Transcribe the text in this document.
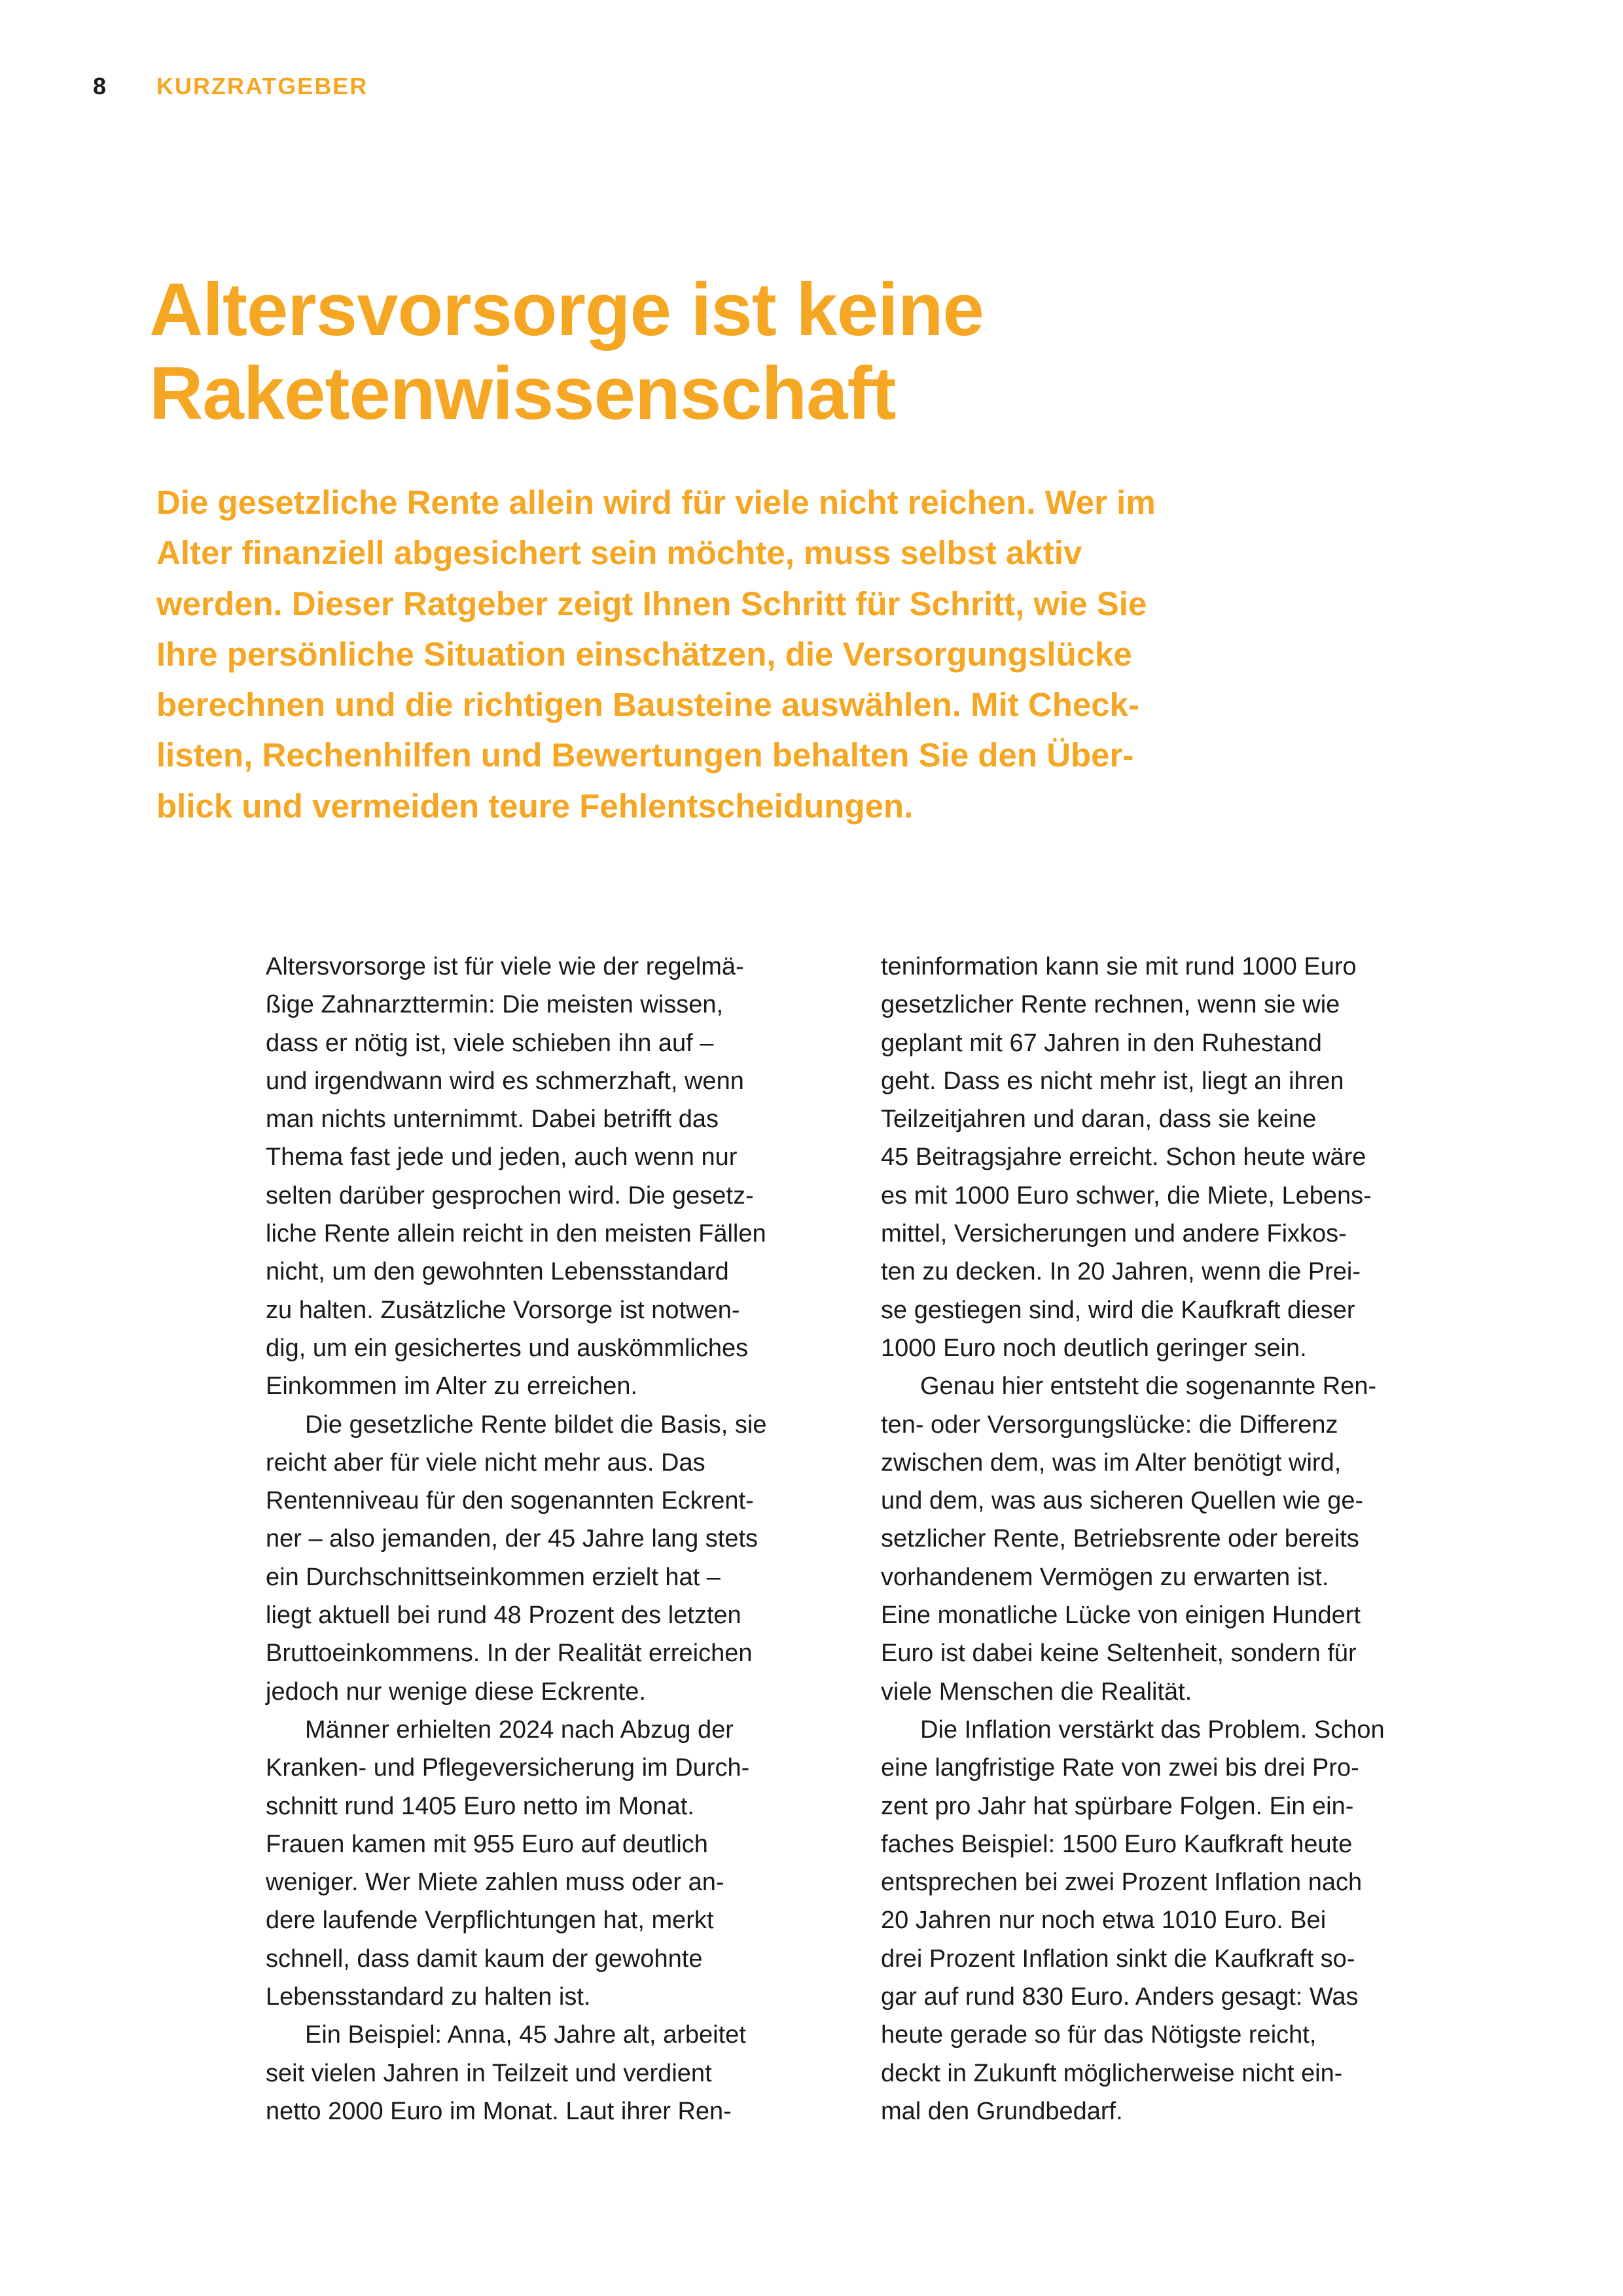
8 KURZRATGEBER
Altersvorsorge ist keine
Raketenwissenschaft
Die gesetzliche Rente allein wird für viele nicht reichen. Wer im
Alter finanziell abgesichert sein möchte, muss selbst aktiv
werden. Dieser Ratgeber zeigt Ihnen Schritt für Schritt, wie Sie
Ihre persönliche Situation einschätzen, die Versorgungslücke
berechnen und die richtigen Bausteine auswählen. Mit Check-
listen, Rechenhilfen und Bewertungen behalten Sie den Über-
blick und vermeiden teure Fehlentscheidungen.
Altersvorsorge ist für viele wie der regelmä-
ßige Zahnarzttermin: Die meisten wissen,
dass er nötig ist, viele schieben ihn auf –
und irgendwann wird es schmerzhaft, wenn
man nichts unternimmt. Dabei betrifft das
Thema fast jede und jeden, auch wenn nur
selten darüber gesprochen wird. Die gesetz-
liche Rente allein reicht in den meisten Fällen
nicht, um den gewohnten Lebensstandard
zu halten. Zusätzliche Vorsorge ist notwen-
dig, um ein gesichertes und auskömmliches
Einkommen im Alter zu erreichen.
Die gesetzliche Rente bildet die Basis, sie
reicht aber für viele nicht mehr aus. Das
Rentenniveau für den sogenannten Eckrent-
ner – also jemanden, der 45 Jahre lang stets
ein Durchschnittseinkommen erzielt hat –
liegt aktuell bei rund 48 Prozent des letzten
Bruttoeinkommens. In der Realität erreichen
jedoch nur wenige diese Eckrente.
Männer erhielten 2024 nach Abzug der
Kranken- und Pflegeversicherung im Durch-
schnitt rund 1405 Euro netto im Monat.
Frauen kamen mit 955 Euro auf deutlich
weniger. Wer Miete zahlen muss oder an-
dere laufende Verpflichtungen hat, merkt
schnell, dass damit kaum der gewohnte
Lebensstandard zu halten ist.
Ein Beispiel: Anna, 45 Jahre alt, arbeitet
seit vielen Jahren in Teilzeit und verdient
netto 2000 Euro im Monat. Laut ihrer Ren-
teninformation kann sie mit rund 1000 Euro
gesetzlicher Rente rechnen, wenn sie wie
geplant mit 67 Jahren in den Ruhestand
geht. Dass es nicht mehr ist, liegt an ihren
Teilzeitjahren und daran, dass sie keine
45 Beitragsjahre erreicht. Schon heute wäre
es mit 1000 Euro schwer, die Miete, Lebens-
mittel, Versicherungen und andere Fixkos-
ten zu decken. In 20 Jahren, wenn die Prei-
se gestiegen sind, wird die Kaufkraft dieser
1000 Euro noch deutlich geringer sein.
Genau hier entsteht die sogenannte Ren-
ten- oder Versorgungslücke: die Differenz
zwischen dem, was im Alter benötigt wird,
und dem, was aus sicheren Quellen wie ge-
setzlicher Rente, Betriebsrente oder bereits
vorhandenem Vermögen zu erwarten ist.
Eine monatliche Lücke von einigen Hundert
Euro ist dabei keine Seltenheit, sondern für
viele Menschen die Realität.
Die Inflation verstärkt das Problem. Schon
eine langfristige Rate von zwei bis drei Pro-
zent pro Jahr hat spürbare Folgen. Ein ein-
faches Beispiel: 1500 Euro Kaufkraft heute
entsprechen bei zwei Prozent Inflation nach
20 Jahren nur noch etwa 1010 Euro. Bei
drei Prozent Inflation sinkt die Kaufkraft so-
gar auf rund 830 Euro. Anders gesagt: Was
heute gerade so für das Nötigste reicht,
deckt in Zukunft möglicherweise nicht ein-
mal den Grundbedarf.
